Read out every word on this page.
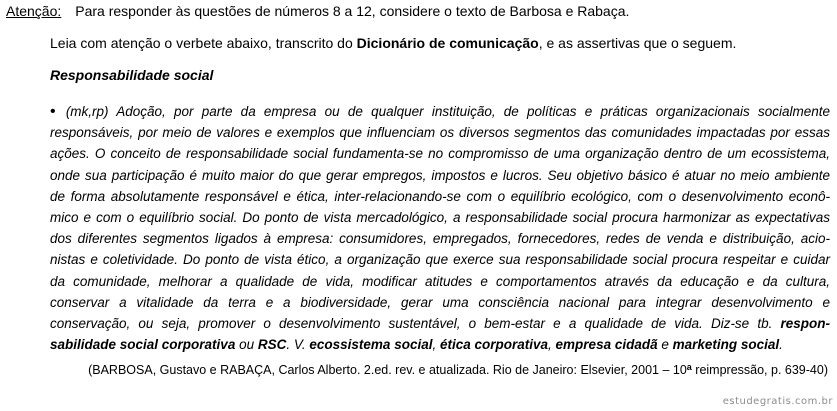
Atenção: Para responder às questões de números 8 a 12, considere o texto de Barbosa e Rabaça.
Leia com atenção o verbete abaixo, transcrito do Dicionário de comunicação, e as assertivas que o seguem.
Responsabilidade social
• (mk,rp) Adoção, por parte da empresa ou de qualquer instituição, de políticas e práticas organizacionais socialmente
responsáveis, por meio de valores e exemplos que influenciam os diversos segmentos das comunidades impactadas por essas
ações. O conceito de responsabilidade social fundamenta-se no compromisso de uma organização dentro de um ecossistema,
onde sua participação é muito maior do que gerar empregos, impostos e lucros. Seu objetivo básico é atuar no meio ambiente
de forma absolutamente responsável e ética, inter-relacionando-se com o equilíbrio ecológico, com o desenvolvimento econô-
mico e com o equilíbrio social. Do ponto de vista mercadológico, a responsabilidade social procura harmonizar as expectativas
dos diferentes segmentos ligados à empresa: consumidores, empregados, fornecedores, redes de venda e distribuição, acio-
nistas e coletividade. Do ponto de vista ético, a organização que exerce sua responsabilidade social procura respeitar e cuidar
da comunidade, melhorar a qualidade de vida, modificar atitudes e comportamentos através da educação e da cultura,
conservar a vitalidade da terra e a biodiversidade, gerar uma consciência nacional para integrar desenvolvimento e
conservação, ou seja, promover o desenvolvimento sustentável, o bem-estar e a qualidade de vida. Diz-se tb. respon-
sabilidade social corporativa ou RSC. V. ecossistema social, ética corporativa, empresa cidadã e marketing social.
(BARBOSA, Gustavo e RABAÇA, Carlos Alberto. 2.ed. rev. e atualizada. Rio de Janeiro: Elsevier, 2001 – 10$^a$ reimpressão, p. 639-40)
estudegratis.com.br
